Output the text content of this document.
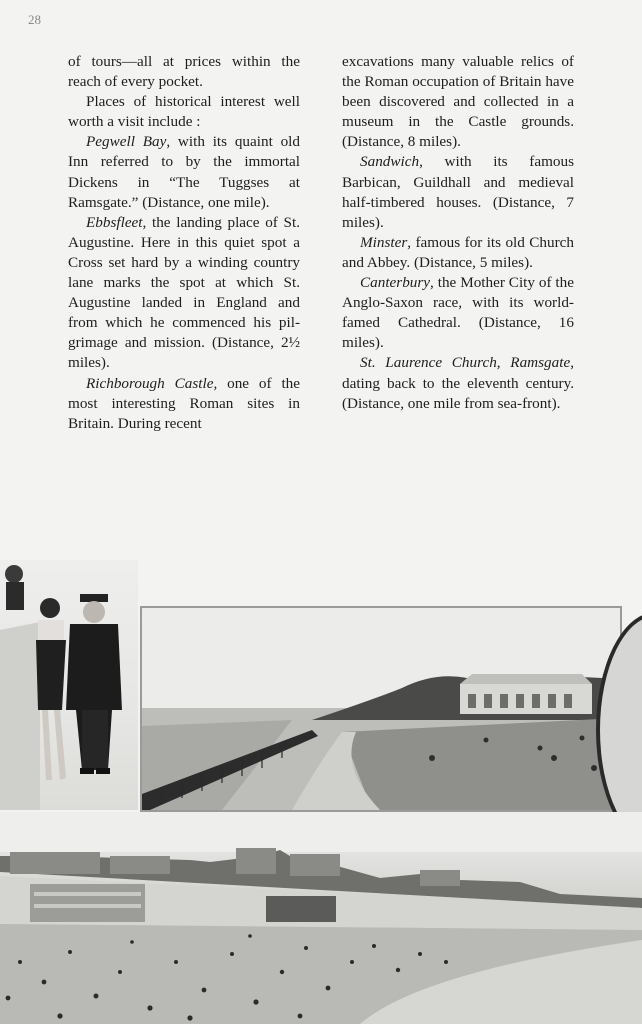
28

of tours—all at prices within the reach of every pocket.

Places of historical interest well worth a visit include :

Pegwell Bay, with its quaint old Inn referred to by the immortal Dickens in “The Tuggses at Ramsgate.” (Distance, one mile).

Ebbsfleet, the landing place of St. Augustine. Here in this quiet spot a Cross set hard by a winding country lane marks the spot at which St. Augustine landed in England and from which he commenced his pilgrimage and mission. (Distance, 2½ miles).

Richborough Castle, one of the most interesting Roman sites in Britain. During recent

excavations many valuable relics of the Roman occupation of Britain have been discovered and collected in a museum in the Castle grounds. (Distance, 8 miles).

Sandwich, with its famous Barbican, Guildhall and medieval half-timbered houses. (Distance, 7 miles).

Minster, famous for its old Church and Abbey. (Distance, 5 miles).

Canterbury, the Mother City of the Anglo-Saxon race, with its world-famed Cathedral. (Distance, 16 miles).

St. Laurence Church, Ramsgate, dating back to the eleventh century. (Distance, one mile from sea-front).
